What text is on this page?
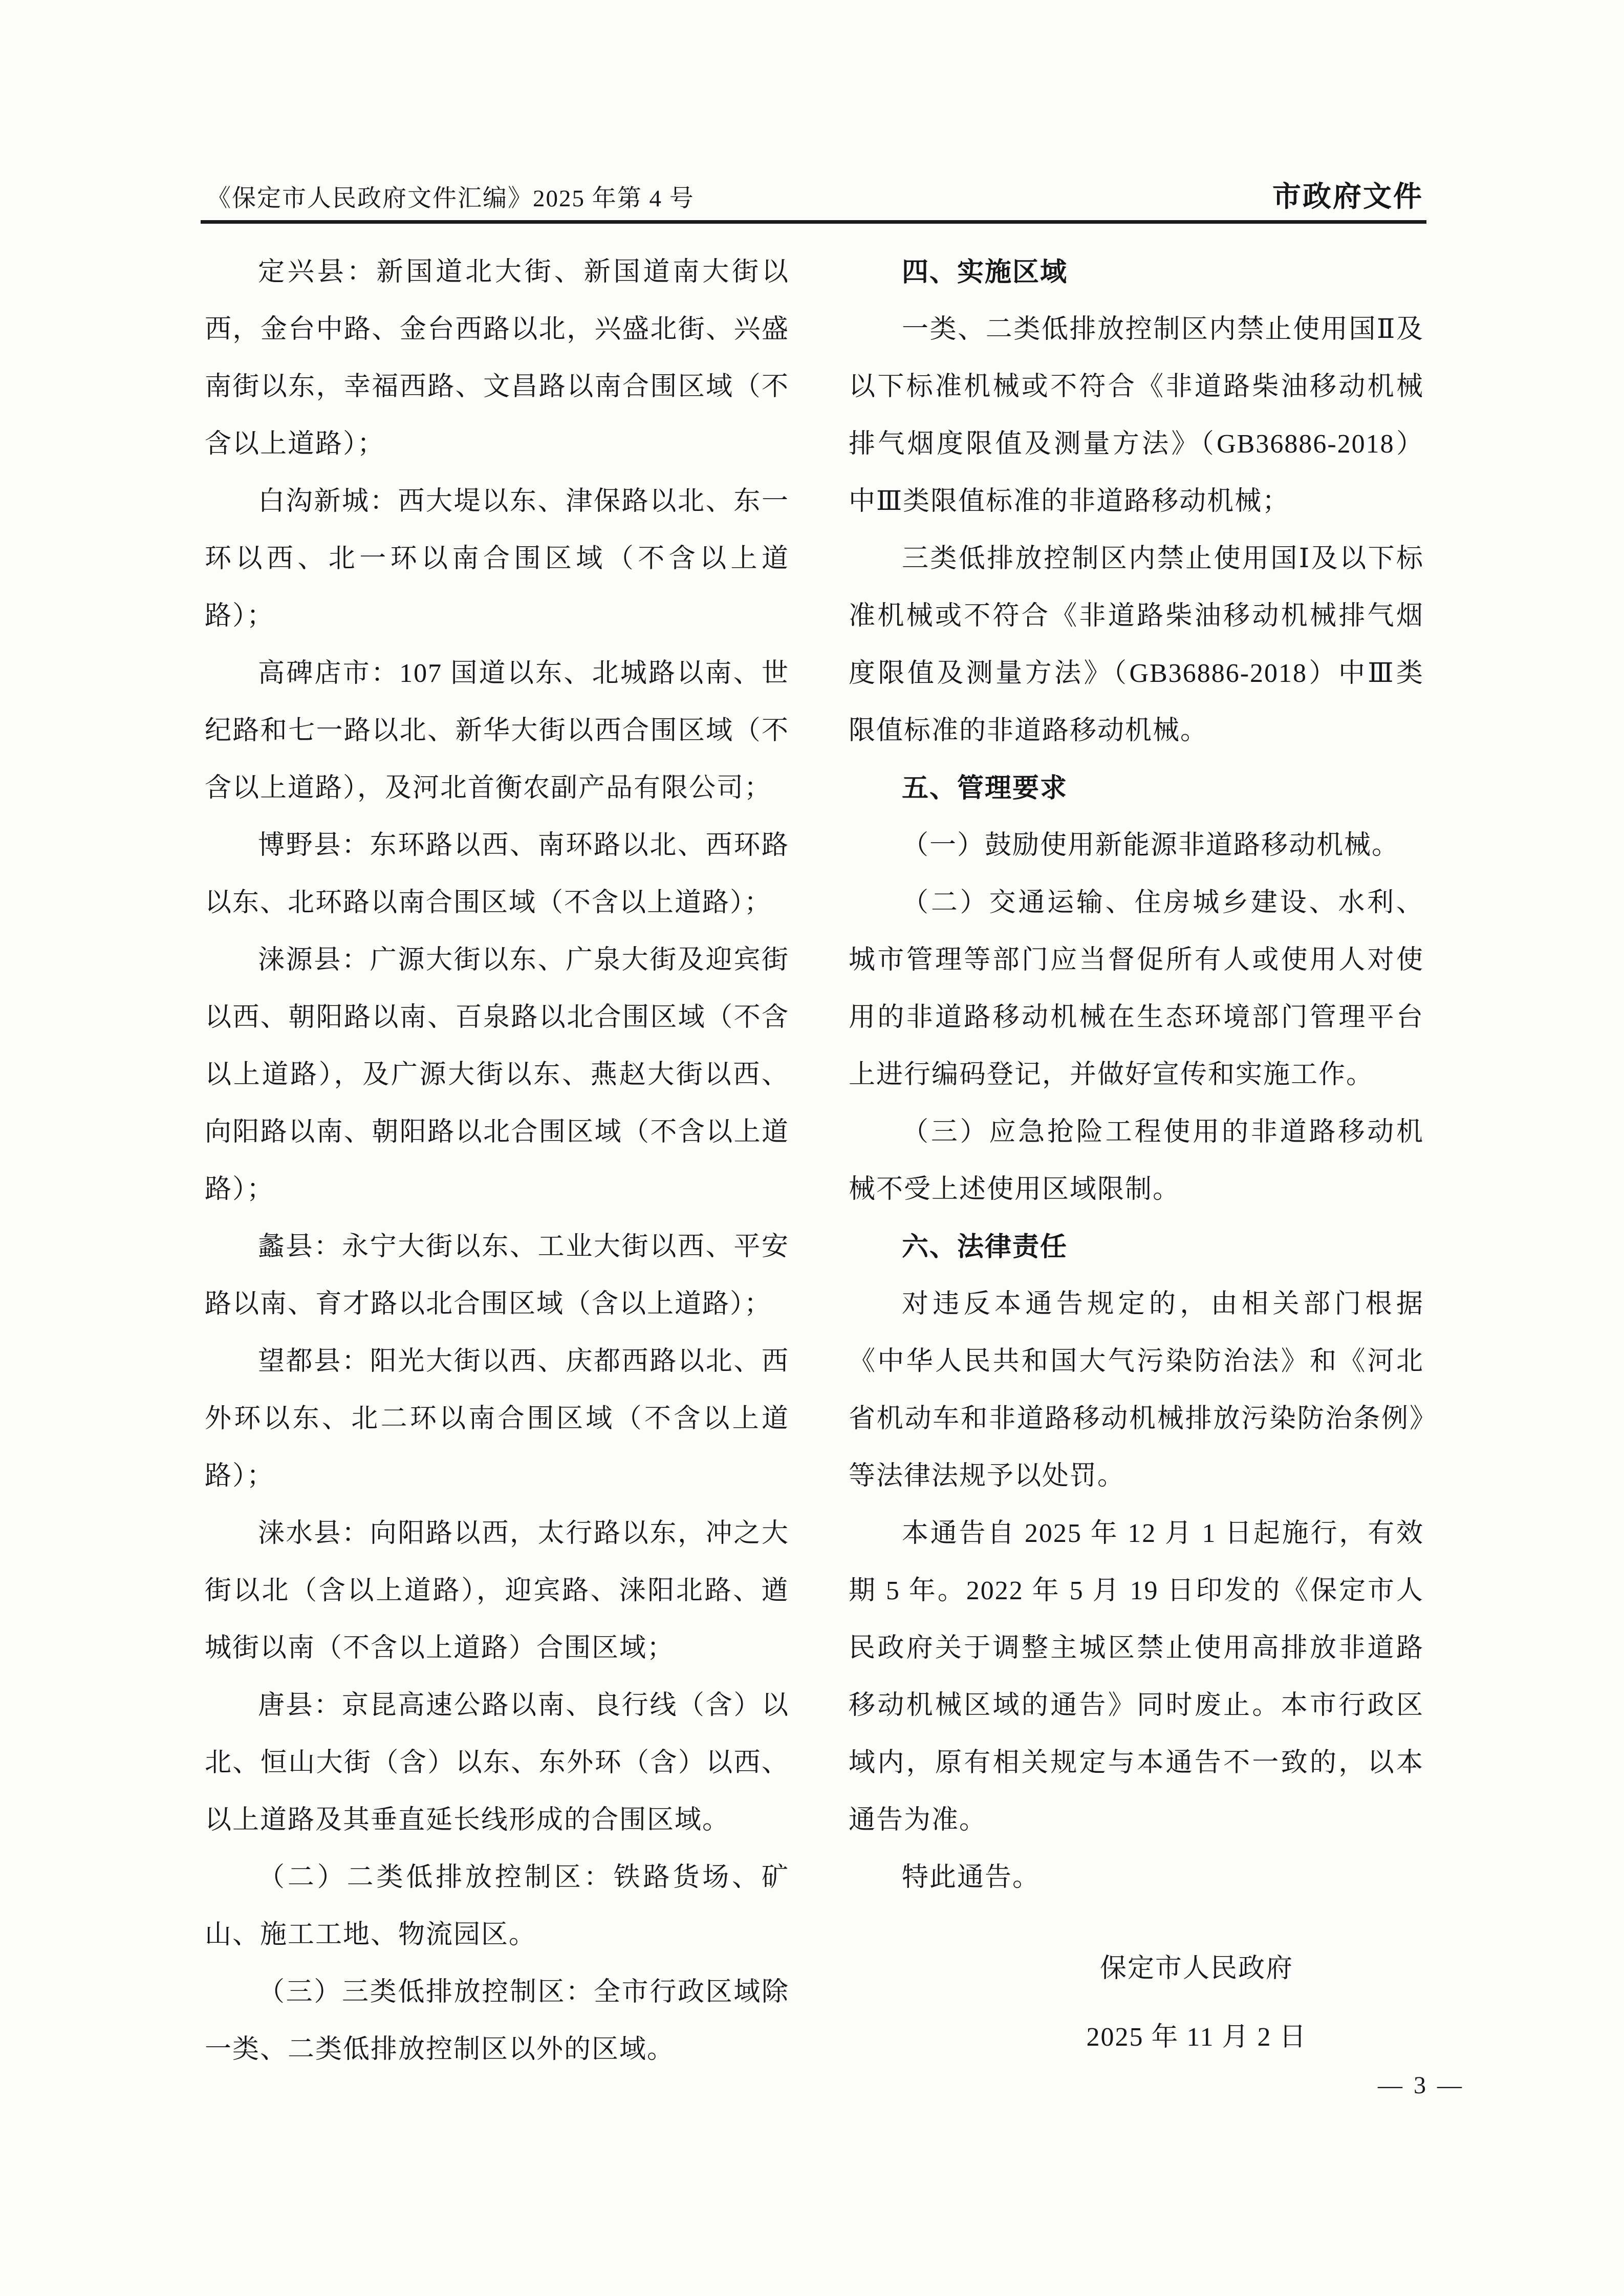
《保定市人民政府文件汇编》2025 年第 4 号	市政府文件

定兴县：新国道北大街、新国道南大街以西，金台中路、金台西路以北，兴盛北街、兴盛南街以东，幸福西路、文昌路以南合围区域（不含以上道路）；

白沟新城：西大堤以东、津保路以北、东一环以西、北一环以南合围区域（不含以上道路）；

高碑店市：107 国道以东、北城路以南、世纪路和七一路以北、新华大街以西合围区域（不含以上道路），及河北首衡农副产品有限公司；

博野县：东环路以西、南环路以北、西环路以东、北环路以南合围区域（不含以上道路）；

涞源县：广源大街以东、广泉大街及迎宾街以西、朝阳路以南、百泉路以北合围区域（不含以上道路），及广源大街以东、燕赵大街以西、向阳路以南、朝阳路以北合围区域（不含以上道路）；

蠡县：永宁大街以东、工业大街以西、平安路以南、育才路以北合围区域（含以上道路）；

望都县：阳光大街以西、庆都西路以北、西外环以东、北二环以南合围区域（不含以上道路）；

涞水县：向阳路以西，太行路以东，冲之大街以北（含以上道路），迎宾路、涞阳北路、遒城街以南（不含以上道路）合围区域；

唐县：京昆高速公路以南、良行线（含）以北、恒山大街（含）以东、东外环（含）以西、以上道路及其垂直延长线形成的合围区域。

（二）二类低排放控制区：铁路货场、矿山、施工工地、物流园区。

（三）三类低排放控制区：全市行政区域除一类、二类低排放控制区以外的区域。

四、实施区域

一类、二类低排放控制区内禁止使用国Ⅱ及以下标准机械或不符合《非道路柴油移动机械排气烟度限值及测量方法》（GB36886-2018）中Ⅲ类限值标准的非道路移动机械；

三类低排放控制区内禁止使用国Ⅰ及以下标准机械或不符合《非道路柴油移动机械排气烟度限值及测量方法》（GB36886-2018）中Ⅲ类限值标准的非道路移动机械。

五、管理要求

（一）鼓励使用新能源非道路移动机械。

（二）交通运输、住房城乡建设、水利、城市管理等部门应当督促所有人或使用人对使用的非道路移动机械在生态环境部门管理平台上进行编码登记，并做好宣传和实施工作。

（三）应急抢险工程使用的非道路移动机械不受上述使用区域限制。

六、法律责任

对违反本通告规定的，由相关部门根据《中华人民共和国大气污染防治法》和《河北省机动车和非道路移动机械排放污染防治条例》等法律法规予以处罚。

本通告自 2025 年 12 月 1 日起施行，有效期 5 年。2022 年 5 月 19 日印发的《保定市人民政府关于调整主城区禁止使用高排放非道路移动机械区域的通告》同时废止。本市行政区域内，原有相关规定与本通告不一致的，以本通告为准。

特此通告。

保定市人民政府
2025 年 11 月 2 日
— 3 —
